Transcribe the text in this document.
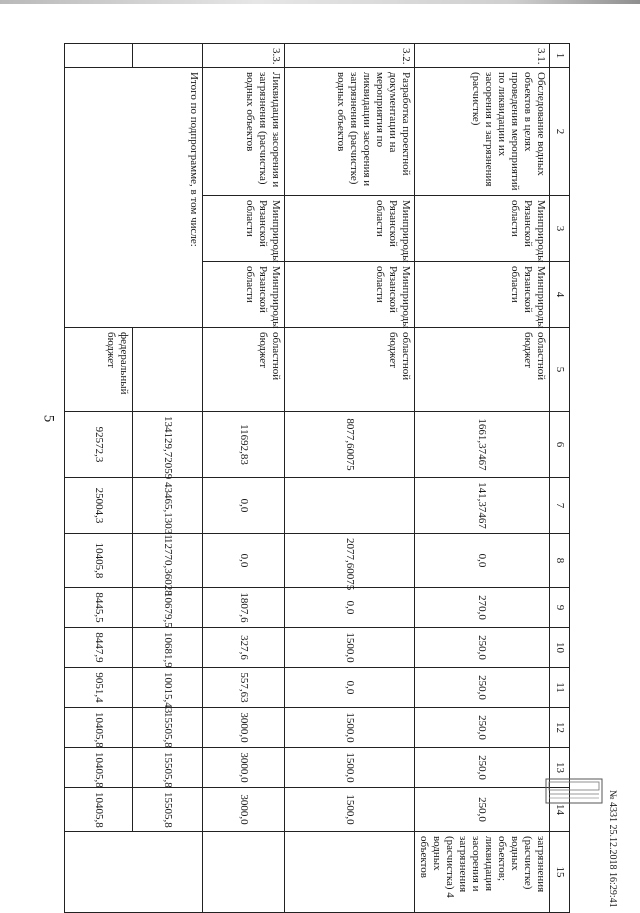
5
1	2	3	4	5	6	7	8	9	10	11	12	13	14	15
3.1.	Обследование водных объектов в целях проведения мероприятий по ликвидации их засорения и загрязнения (расчистке)	Минприроды Рязанской области	Минприроды Рязанской области	областной бюджет	1661,37467	141,37467	0,0	270,0	250,0	250,0	250,0	250,0	250,0	загрязнения (расчистке) водных объектов; ликвидация засорения и загрязнения (расчистка) 4 водных объектов
3.2.	Разработка проектной документации на мероприятия по ликвидации засорения и загрязнения (расчистке) водных объектов	Минприроды Рязанской области	Минприроды Рязанской области	областной бюджет	8077,60075		2077,60075	0,0	1500,0	0,0	1500,0	1500,0	1500,0	
3.3.	Ликвидация засорения и загрязнения (расчистка) водных объектов	Минприроды Рязанской области	Минприроды Рязанской области	областной бюджет	11692,83	0,0	0,0	1807,6	327,6	557,63	3000,0	3000,0	3000,0	
	Итого по подпрограмме, в том числе:				134129,72059	43465,13031	12770,36028	10679,5	10681,9	10015,43	15505,8	15505,8	15505,8	
				федеральный бюджет	92572,3	25004,3	10405,8	8445,5	8447,9	9051,4	10405,8	10405,8	10405,8		№ 4331 25.12.2018 16:29:41
